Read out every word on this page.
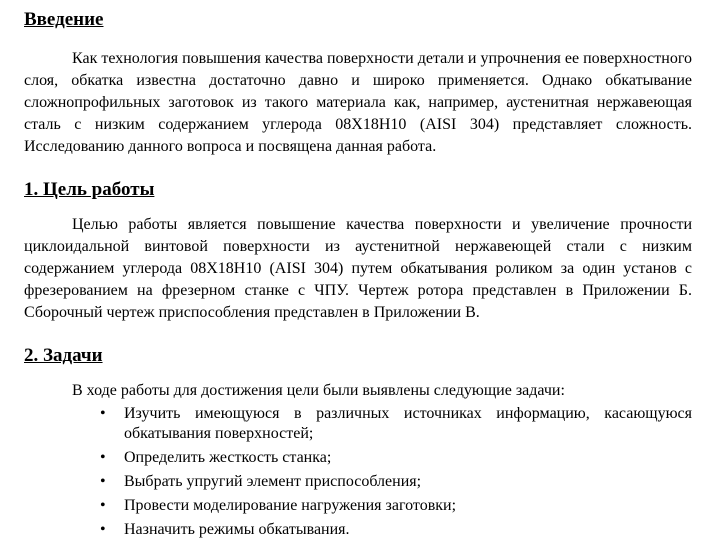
Введение

Как технология повышения качества поверхности детали и упрочнения ее поверхностного слоя, обкатка известна достаточно давно и широко применяется. Однако обкатывание сложнопрофильных заготовок из такого материала как, например, аустенитная нержавеющая сталь с низким содержанием углерода 08Х18Н10 (AISI 304) представляет сложность. Исследованию данного вопроса и посвящена данная работа.

1. Цель работы

Целью работы является повышение качества поверхности и увеличение прочности циклоидальной винтовой поверхности из аустенитной нержавеющей стали с низким содержанием углерода 08Х18Н10 (AISI 304) путем обкатывания роликом за один установ с фрезерованием на фрезерном станке с ЧПУ. Чертеж ротора представлен в Приложении Б. Сборочный чертеж приспособления представлен в Приложении В.

2. Задачи

В ходе работы для достижения цели были выявлены следующие задачи:

• Изучить имеющуюся в различных источниках информацию, касающуюся обкатывания поверхностей;
• Определить жесткость станка;
• Выбрать упругий элемент приспособления;
• Провести моделирование нагружения заготовки;
• Назначить режимы обкатывания.
